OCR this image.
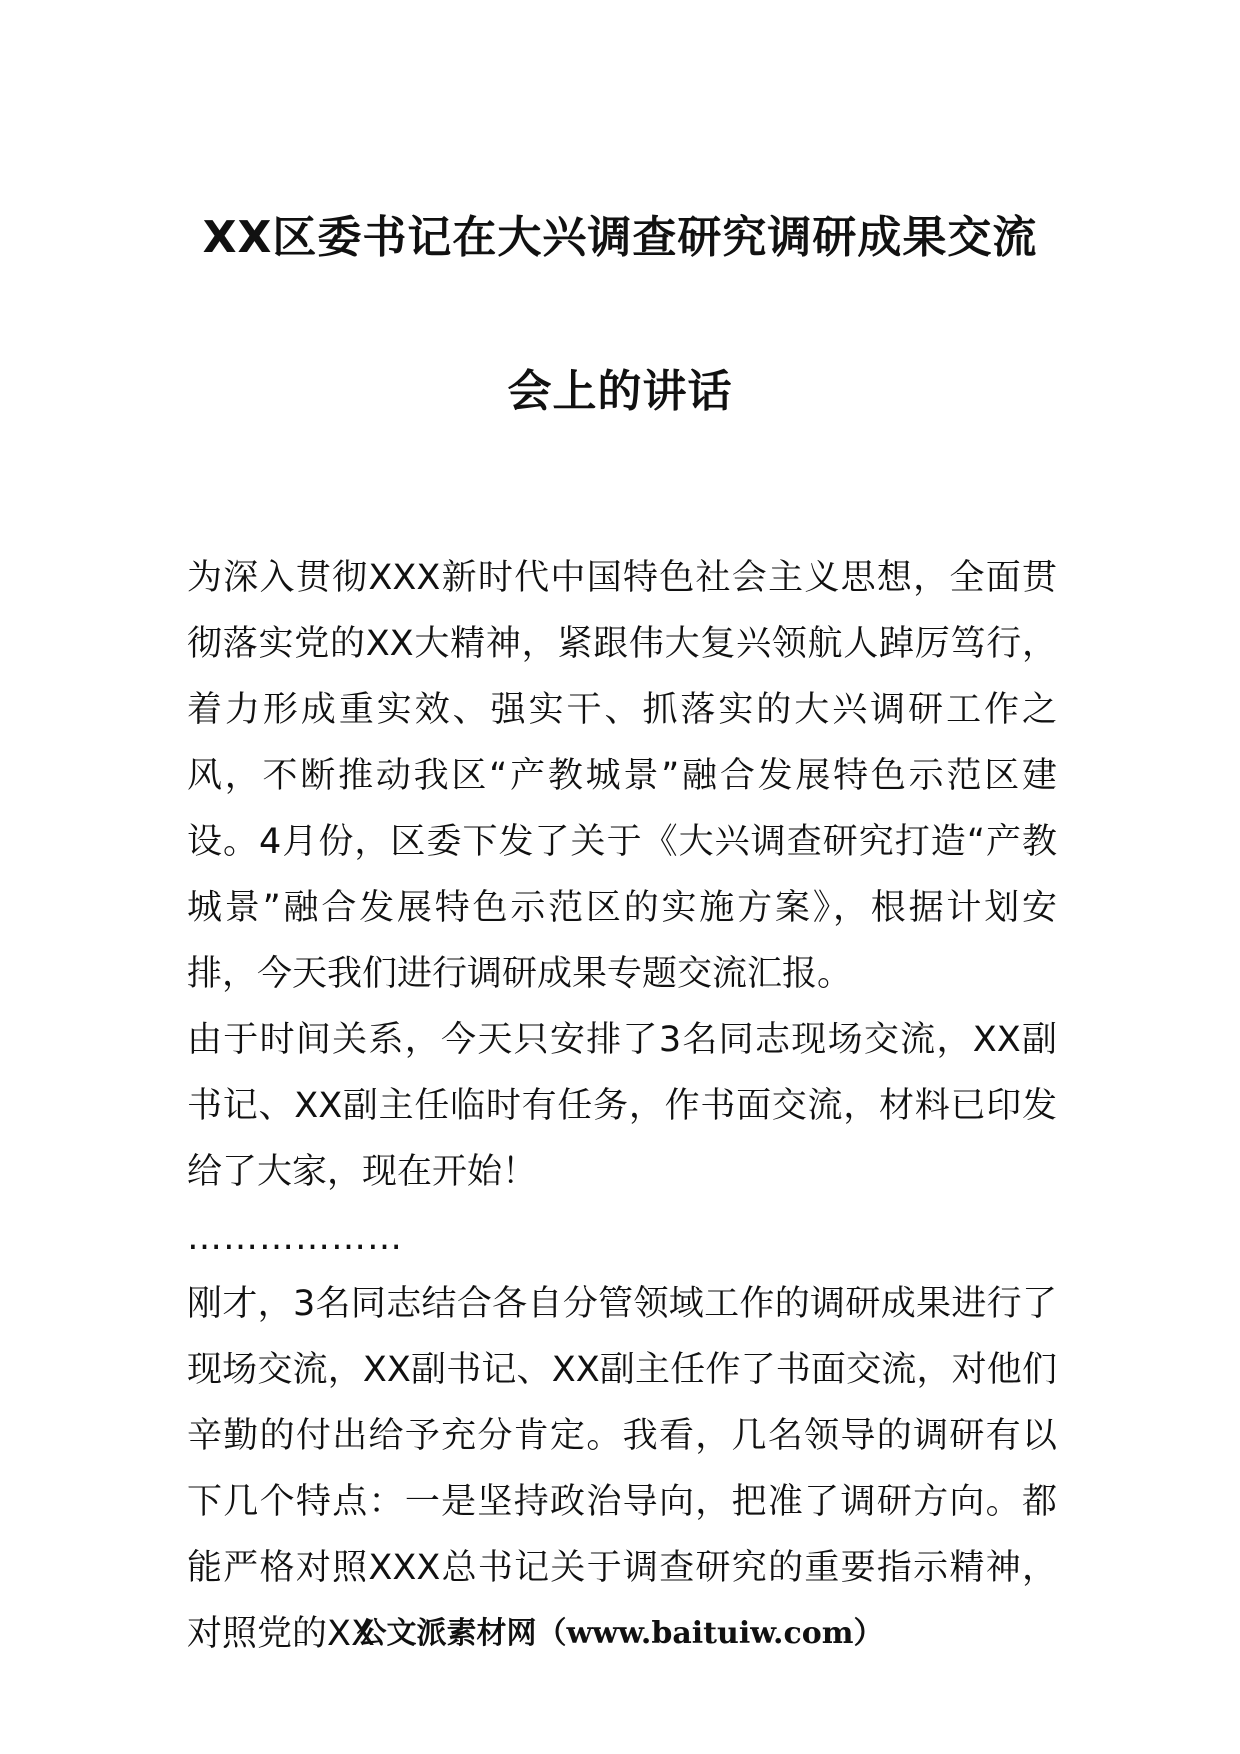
XX区委书记在大兴调查研究调研成果交流
会上的讲话

为深入贯彻XXX新时代中国特色社会主义思想，全面贯彻落实党的XX大精神，紧跟伟大复兴领航人踔厉笃行，着力形成重实效、强实干、抓落实的大兴调研工作之风，不断推动我区“产教城景”融合发展特色示范区建设。4月份，区委下发了关于《大兴调查研究打造“产教城景”融合发展特色示范区的实施方案》，根据计划安排，今天我们进行调研成果专题交流汇报。

由于时间关系，今天只安排了3名同志现场交流，XX副书记、XX副主任临时有任务，作书面交流，材料已印发给了大家，现在开始！

………………

刚才，3名同志结合各自分管领域工作的调研成果进行了现场交流，XX副书记、XX副主任作了书面交流，对他们辛勤的付出给予充分肯定。我看，几名领导的调研有以下几个特点：一是坚持政治导向，把准了调研方向。都能严格对照XXX总书记关于调查研究的重要指示精神，对照党的XX

公文派素材网（www.baituiw.com）
